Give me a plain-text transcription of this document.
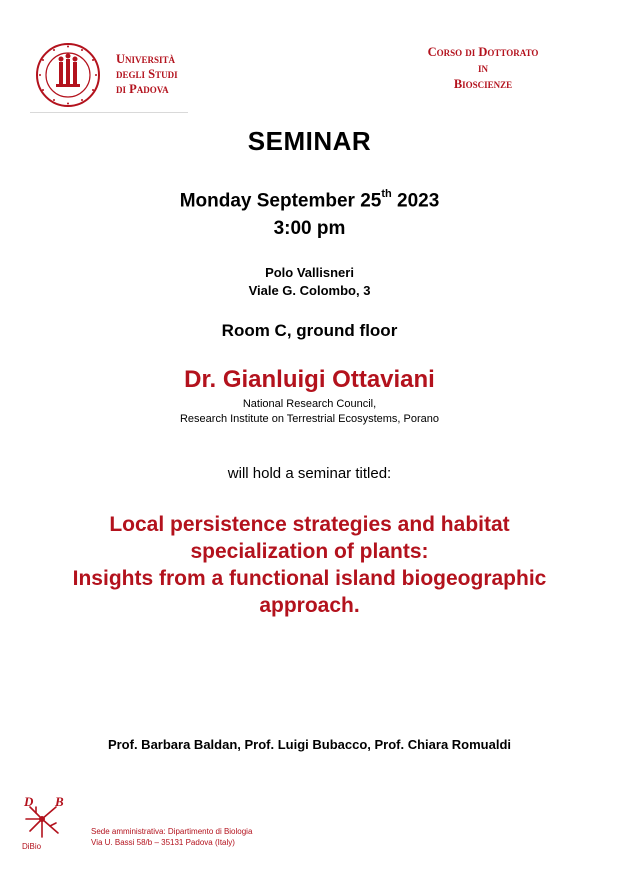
Università
degli Studi
di Padova
Corso di Dottorato
in
Bioscienze
SEMINAR
Monday September 25th 2023
3:00 pm
Polo Vallisneri
Viale G. Colombo, 3
Room C, ground floor
Dr. Gianluigi Ottaviani
National Research Council,
Research Institute on Terrestrial Ecosystems, Porano
will hold a seminar titled:
Local persistence strategies and habitat
specialization of plants:
Insights from a functional island biogeographic
approach.
Prof. Barbara Baldan, Prof. Luigi Bubacco, Prof. Chiara Romualdi
D B
DiBio
Sede amministrativa: Dipartimento di Biologia
Via U. Bassi 58/b – 35131 Padova (Italy)
